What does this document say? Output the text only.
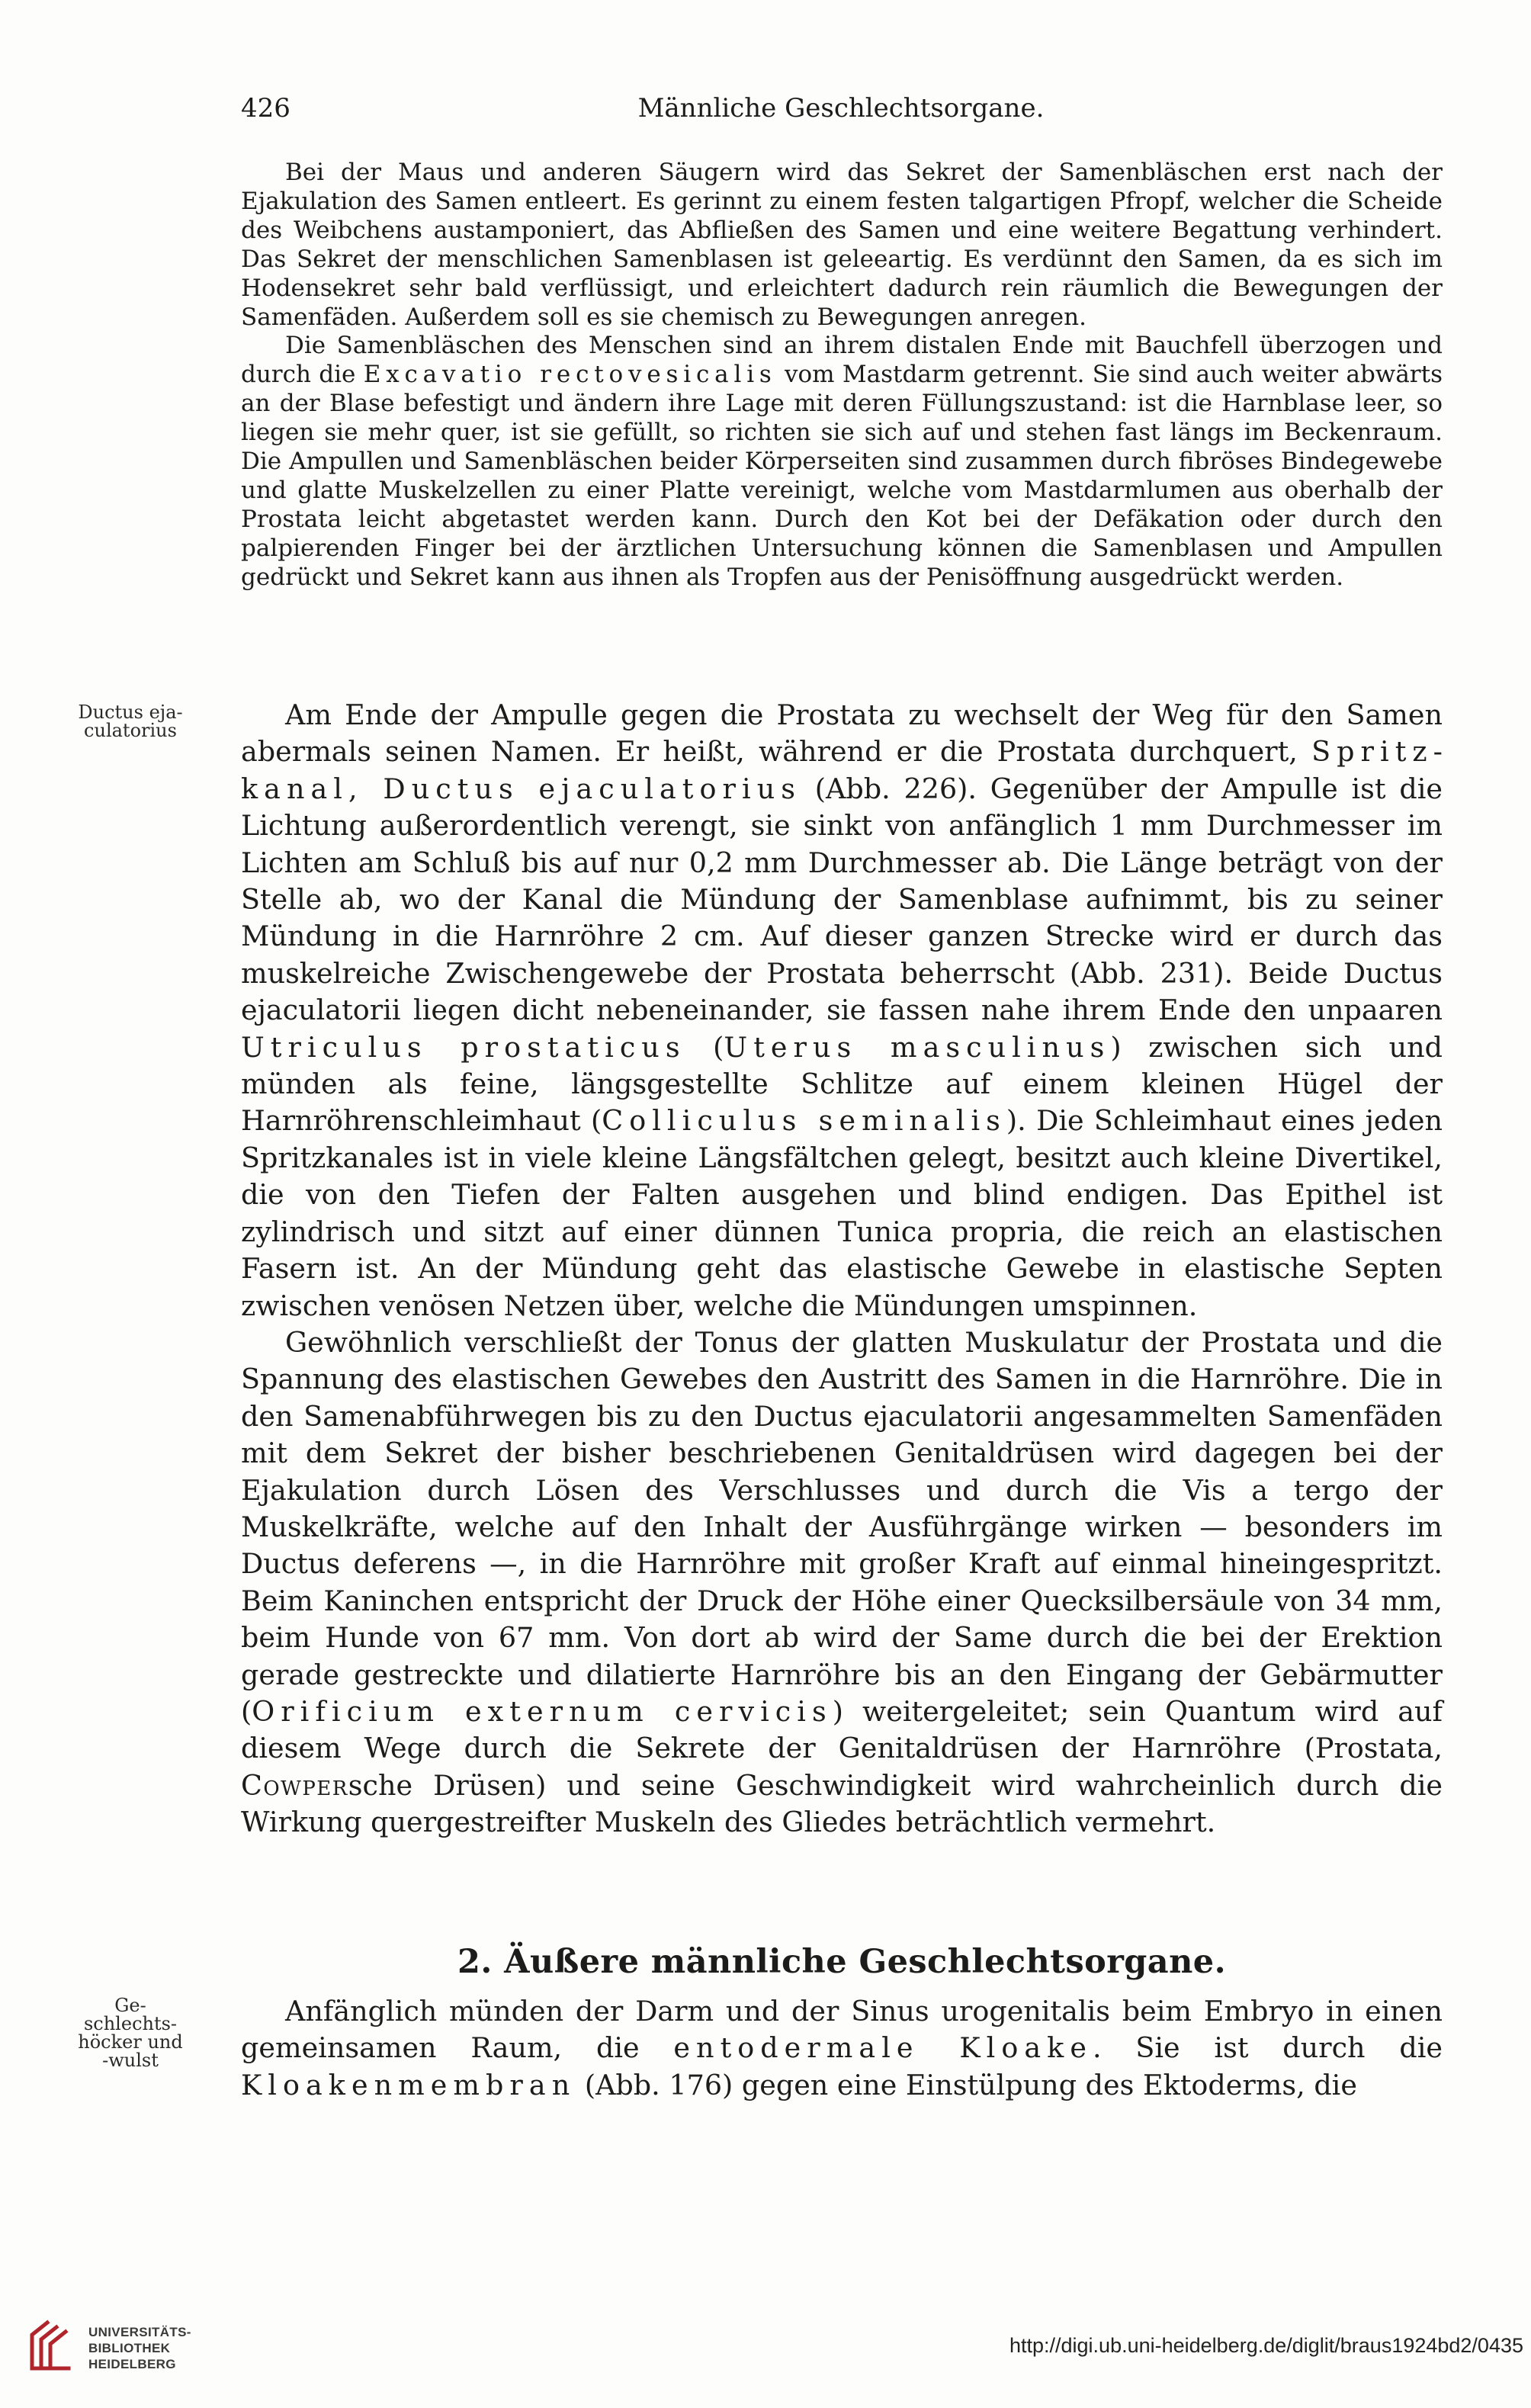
426	Männliche Geschlechtsorgane.

Bei der Maus und anderen Säugern wird das Sekret der Samenbläschen erst nach der Ejakulation des Samen entleert. Es gerinnt zu einem festen talgartigen Pfropf, welcher die Scheide des Weibchens austamponiert, das Abfließen des Samen und eine weitere Begattung verhindert. Das Sekret der menschlichen Samenblasen ist geleeartig. Es verdünnt den Samen, da es sich im Hodensekret sehr bald verflüssigt, und erleichtert dadurch rein räumlich die Bewegungen der Samenfäden. Außerdem soll es sie chemisch zu Bewegungen anregen.

Die Samenbläschen des Menschen sind an ihrem distalen Ende mit Bauchfell überzogen und durch die Excavatio rectovesicalis vom Mastdarm getrennt. Sie sind auch weiter abwärts an der Blase befestigt und ändern ihre Lage mit deren Füllungszustand: ist die Harnblase leer, so liegen sie mehr quer, ist sie gefüllt, so richten sie sich auf und stehen fast längs im Beckenraum. Die Ampullen und Samenbläschen beider Körperseiten sind zusammen durch fibröses Bindegewebe und glatte Muskelzellen zu einer Platte vereinigt, welche vom Mastdarmlumen aus oberhalb der Prostata leicht abgetastet werden kann. Durch den Kot bei der Defäkation oder durch den palpierenden Finger bei der ärztlichen Untersuchung können die Samenblasen und Ampullen gedrückt und Sekret kann aus ihnen als Tropfen aus der Penisöffnung ausgedrückt werden.

Ductus eja-
culatorius	Am Ende der Ampulle gegen die Prostata zu wechselt der Weg für den Samen abermals seinen Namen. Er heißt, während er die Prostata durchquert, Spritzkanal, Ductus ejaculatorius (Abb. 226). Gegenüber der Ampulle ist die Lichtung außerordentlich verengt, sie sinkt von anfänglich 1 mm Durchmesser im Lichten am Schluß bis auf nur 0,2 mm Durchmesser ab. Die Länge beträgt von der Stelle ab, wo der Kanal die Mündung der Samenblase aufnimmt, bis zu seiner Mündung in die Harnröhre 2 cm. Auf dieser ganzen Strecke wird er durch das muskelreiche Zwischengewebe der Prostata beherrscht (Abb. 231). Beide Ductus ejaculatorii liegen dicht nebeneinander, sie fassen nahe ihrem Ende den unpaaren Utriculus prostaticus (Uterus masculinus) zwischen sich und münden als feine, längsgestellte Schlitze auf einem kleinen Hügel der Harnröhrenschleimhaut (Colliculus seminalis). Die Schleimhaut eines jeden Spritzkanales ist in viele kleine Längsfältchen gelegt, besitzt auch kleine Divertikel, die von den Tiefen der Falten ausgehen und blind endigen. Das Epithel ist zylindrisch und sitzt auf einer dünnen Tunica propria, die reich an elastischen Fasern ist. An der Mündung geht das elastische Gewebe in elastische Septen zwischen venösen Netzen über, welche die Mündungen umspinnen.

Gewöhnlich verschließt der Tonus der glatten Muskulatur der Prostata und die Spannung des elastischen Gewebes den Austritt des Samen in die Harnröhre. Die in den Samenabführwegen bis zu den Ductus ejaculatorii angesammelten Samenfäden mit dem Sekret der bisher beschriebenen Genitaldrüsen wird dagegen bei der Ejakulation durch Lösen des Verschlusses und durch die Vis a tergo der Muskelkräfte, welche auf den Inhalt der Ausführgänge wirken — besonders im Ductus deferens —, in die Harnröhre mit großer Kraft auf einmal hineingespritzt. Beim Kaninchen entspricht der Druck der Höhe einer Quecksilbersäule von 34 mm, beim Hunde von 67 mm. Von dort ab wird der Same durch die bei der Erektion gerade gestreckte und dilatierte Harnröhre bis an den Eingang der Gebärmutter (Orificium externum cervicis) weitergeleitet; sein Quantum wird auf diesem Wege durch die Sekrete der Genitaldrüsen der Harnröhre (Prostata, Cowpersche Drüsen) und seine Geschwindigkeit wird wahrcheinlich durch die Wirkung quergestreifter Muskeln des Gliedes beträchtlich vermehrt.

2. Äußere männliche Geschlechtsorgane.
Ge-
schlechts-
höcker und
-wulst

Anfänglich münden der Darm und der Sinus urogenitalis beim Embryo in einen gemeinsamen Raum, die entodermale Kloake. Sie ist durch die Kloakenmembran (Abb. 176) gegen eine Einstülpung des Ektoderms, die

UNIVERSITÄTS-
BIBLIOTHEK
HEIDELBERG
http://digi.ub.uni-heidelberg.de/diglit/braus1924bd2/0435
